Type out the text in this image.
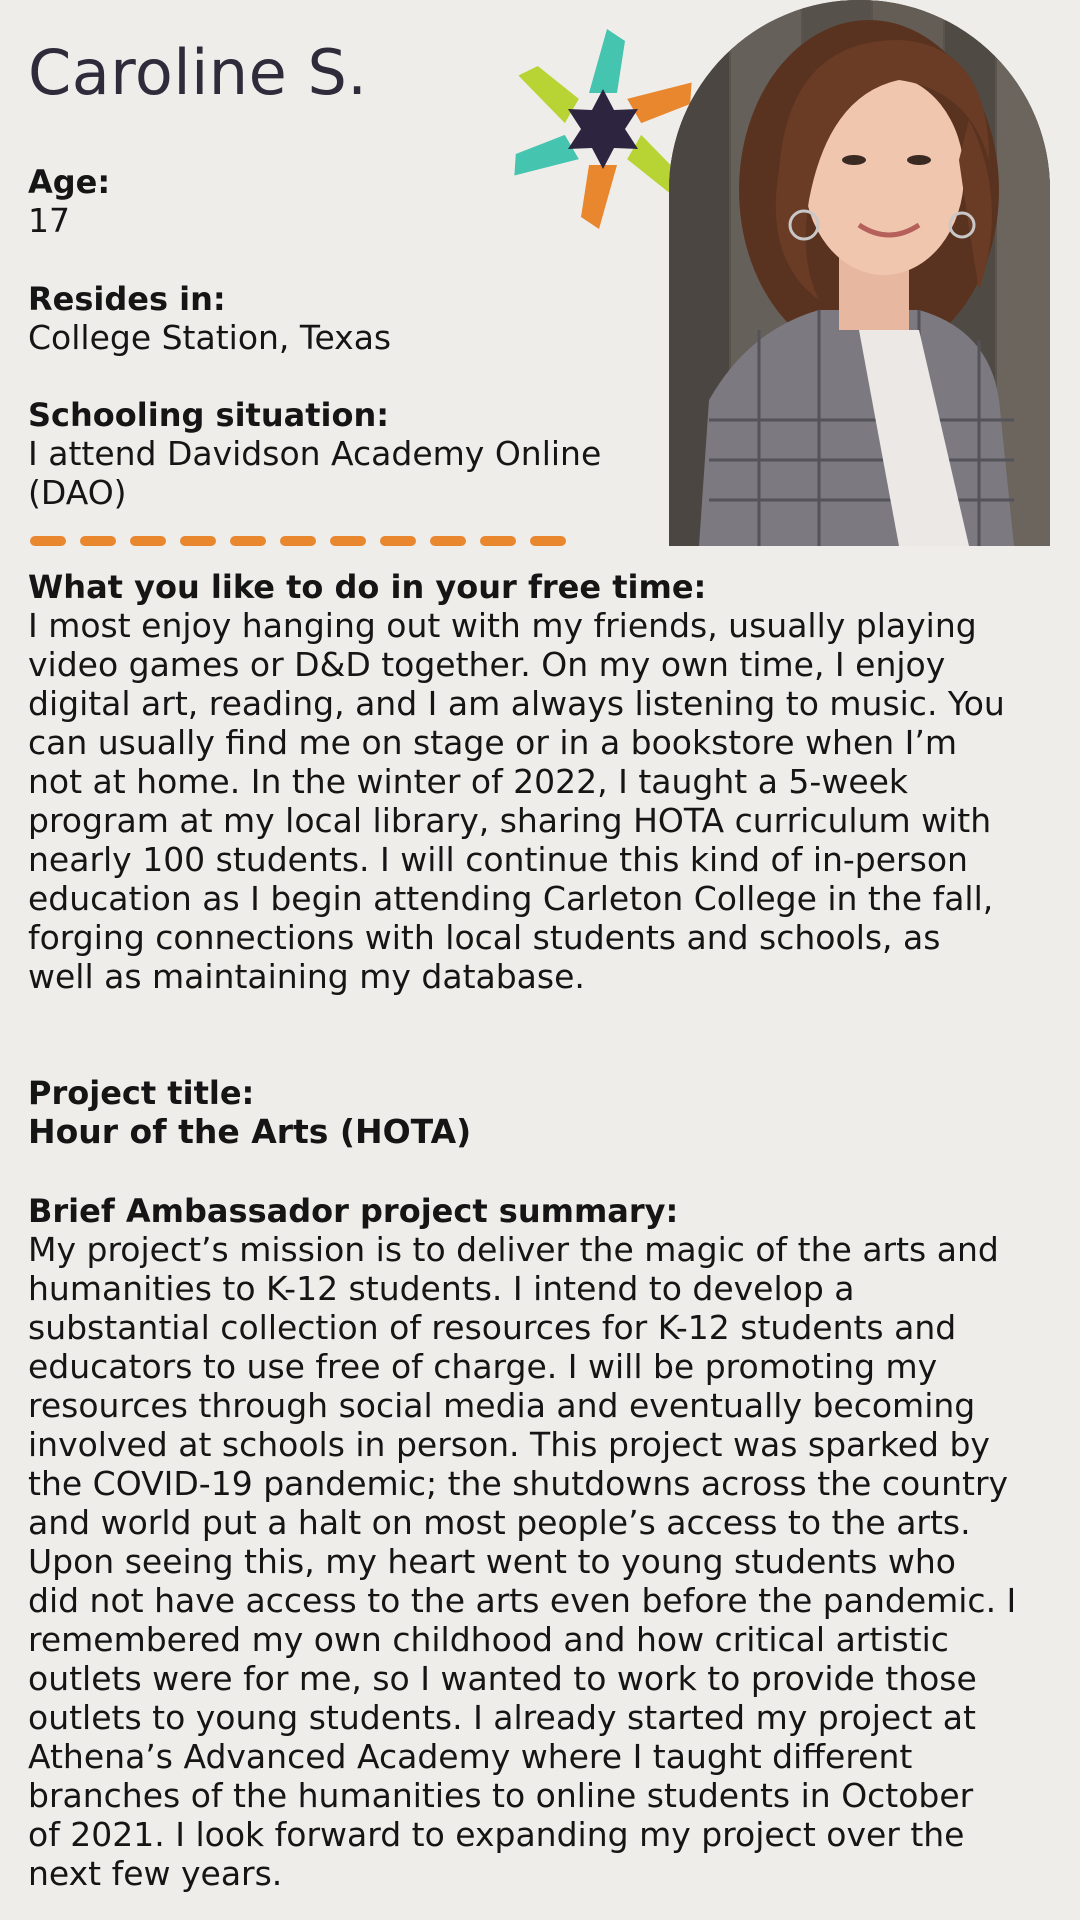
Caroline S.
Age:
17
Resides in:
College Station, Texas
Schooling situation:
I attend Davidson Academy Online (DAO)
What you like to do in your free time:
I most enjoy hanging out with my friends, usually playing
video games or D&D together. On my own time, I enjoy
digital art, reading, and I am always listening to music. You
can usually find me on stage or in a bookstore when I’m
not at home. In the winter of 2022, I taught a 5-week
program at my local library, sharing HOTA curriculum with
nearly 100 students. I will continue this kind of in-person
education as I begin attending Carleton College in the fall,
forging connections with local students and schools, as
well as maintaining my database.
Project title:
Hour of the Arts (HOTA)
Brief Ambassador project summary:
My project’s mission is to deliver the magic of the arts and
humanities to K-12 students. I intend to develop a
substantial collection of resources for K-12 students and
educators to use free of charge. I will be promoting my
resources through social media and eventually becoming
involved at schools in person. This project was sparked by
the COVID-19 pandemic; the shutdowns across the country
and world put a halt on most people’s access to the arts.
Upon seeing this, my heart went to young students who
did not have access to the arts even before the pandemic. I
remembered my own childhood and how critical artistic
outlets were for me, so I wanted to work to provide those
outlets to young students. I already started my project at
Athena’s Advanced Academy where I taught different
branches of the humanities to online students in October
of 2021. I look forward to expanding my project over the
next few years.
